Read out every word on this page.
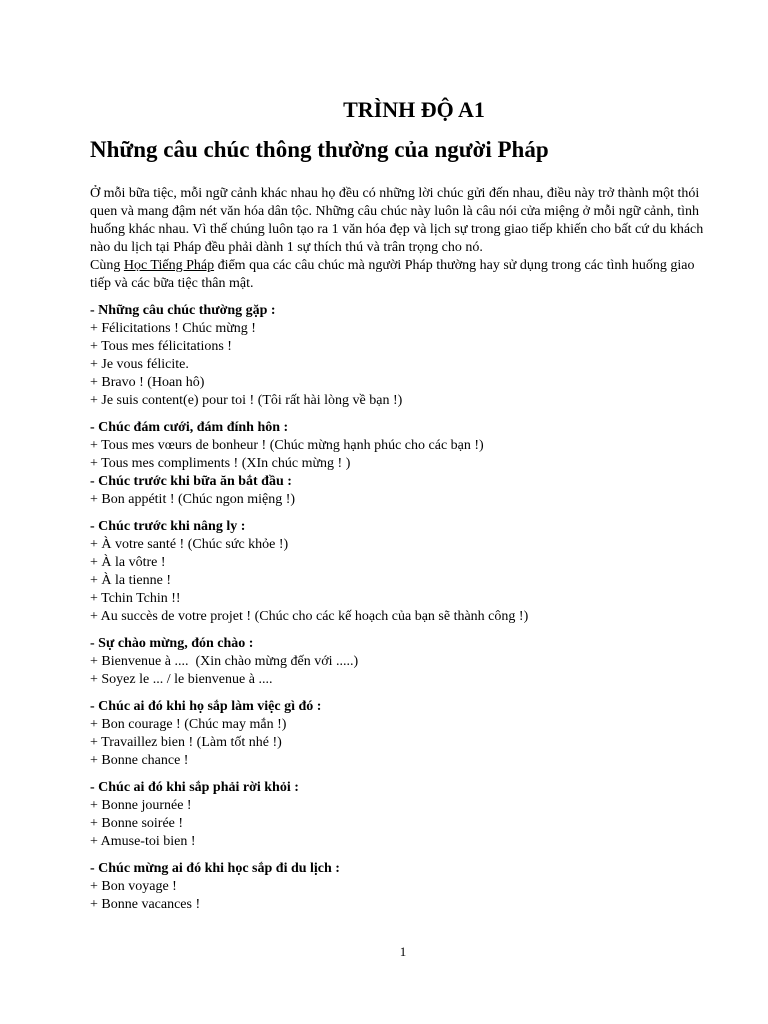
TRÌNH ĐỘ A1
Những câu chúc thông thường của người Pháp

Ở mỗi bữa tiệc, mỗi ngữ cảnh khác nhau họ đều có những lời chúc gửi đến nhau, điều này trở thành một thói quen và mang đậm nét văn hóa dân tộc. Những câu chúc này luôn là câu nói cửa miệng ở mỗi ngữ cảnh, tình huống khác nhau. Vì thế chúng luôn tạo ra 1 văn hóa đẹp và lịch sự trong giao tiếp khiến cho bất cứ du khách nào du lịch tại Pháp đều phải dành 1 sự thích thú và trân trọng cho nó.

Cùng Học Tiếng Pháp điểm qua các câu chúc mà người Pháp thường hay sử dụng trong các tình huống giao tiếp và các bữa tiệc thân mật.

- Những câu chúc thường gặp :
+ Félicitations ! Chúc mừng !
+ Tous mes félicitations !
+ Je vous félicite.
+ Bravo ! (Hoan hô)
+ Je suis content(e) pour toi ! (Tôi rất hài lòng về bạn !)
- Chúc đám cưới, đám đính hôn :
+ Tous mes vœurs de bonheur ! (Chúc mừng hạnh phúc cho các bạn !)
+ Tous mes compliments ! (XIn chúc mừng ! )
- Chúc trước khi bữa ăn bắt đầu :
+ Bon appétit ! (Chúc ngon miệng !)
- Chúc trước khi nâng ly :
+ À votre santé ! (Chúc sức khỏe !)
+ À la vôtre !
+ À la tienne !
+ Tchin Tchin !!
+ Au succès de votre projet ! (Chúc cho các kế hoạch của bạn sẽ thành công !)
- Sự chào mừng, đón chào :
+ Bienvenue à ....  (Xin chào mừng đến với .....)
+ Soyez le ... / le bienvenue à ....
- Chúc ai đó khi họ sắp làm việc gì đó :
+ Bon courage ! (Chúc may mắn !)
+ Travaillez bien ! (Làm tốt nhé !)
+ Bonne chance !
- Chúc ai đó khi sắp phải rời khỏi :
+ Bonne journée !
+ Bonne soirée !
+ Amuse-toi bien !
- Chúc mừng ai đó khi học sắp đi du lịch :
+ Bon voyage !
+ Bonne vacances !
1
